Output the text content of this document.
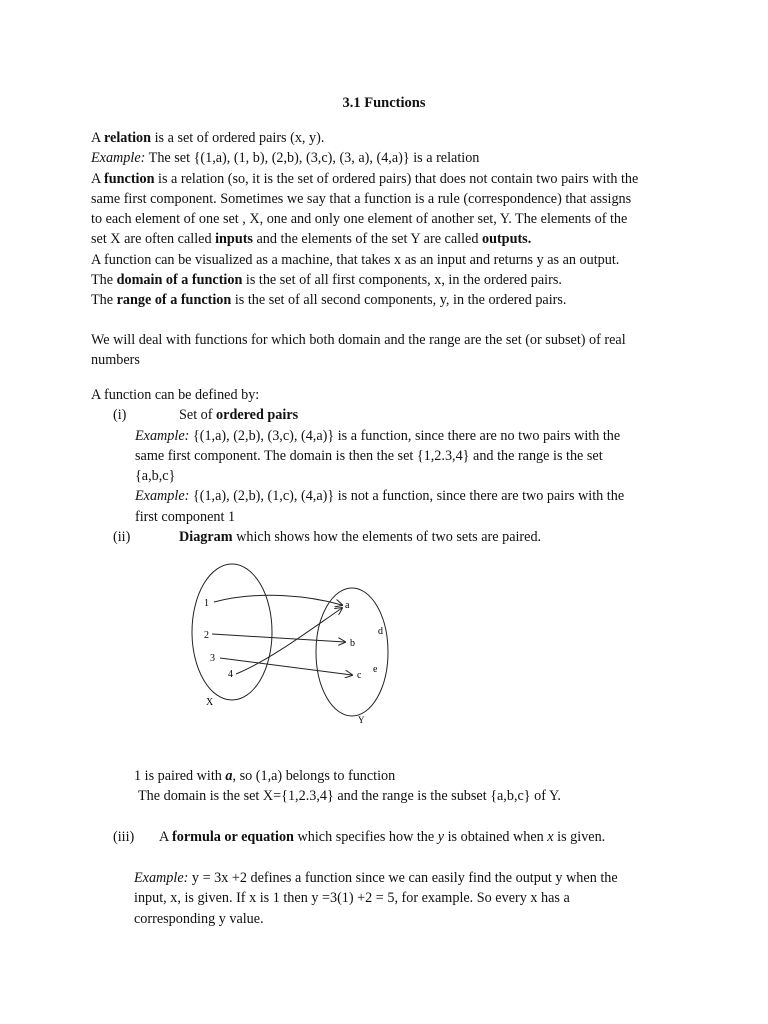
3.1 Functions
A relation is a set of ordered pairs (x, y).
Example: The set {(1,a), (1, b), (2,b), (3,c), (3, a), (4,a)} is a relation
A function is a relation (so, it is the set of ordered pairs) that does not contain two pairs with the
same first component. Sometimes we say that a function is a rule (correspondence) that assigns
to each element of one set , X, one and only one element of another set, Y. The elements of the
set X are often called inputs and the elements of the set Y are called outputs.
A function can be visualized as a machine, that takes x as an input and returns y as an output.
The domain of a function is the set of all first components, x, in the ordered pairs.
The range of a function is the set of all second components, y, in the ordered pairs.
We will deal with functions for which both domain and the range are the set (or subset) of real
numbers
A function can be defined by:
(i)	Set of ordered pairs
Example: {(1,a), (2,b), (3,c), (4,a)} is a function, since there are no two pairs with the
same first component. The domain is then the set {1,2.3,4} and the range is the set
{a,b,c}
Example: {(1,a), (2,b), (1,c), (4,a)} is not a function, since there are two pairs with the
first component 1
(ii)	Diagram which shows how the elements of two sets are paired.
1
2
3
4
a
b
c
d
e
X
Y
1 is paired with a, so (1,a) belongs to function
The domain is the set X={1,2.3,4} and the range is the subset {a,b,c} of Y.
(iii)	A formula or equation which specifies how the y is obtained when x is given.
Example: y = 3x +2 defines a function since we can easily find the output y when the
input, x, is given. If x is 1 then y =3(1) +2 = 5, for example. So every x has a
corresponding y value.
